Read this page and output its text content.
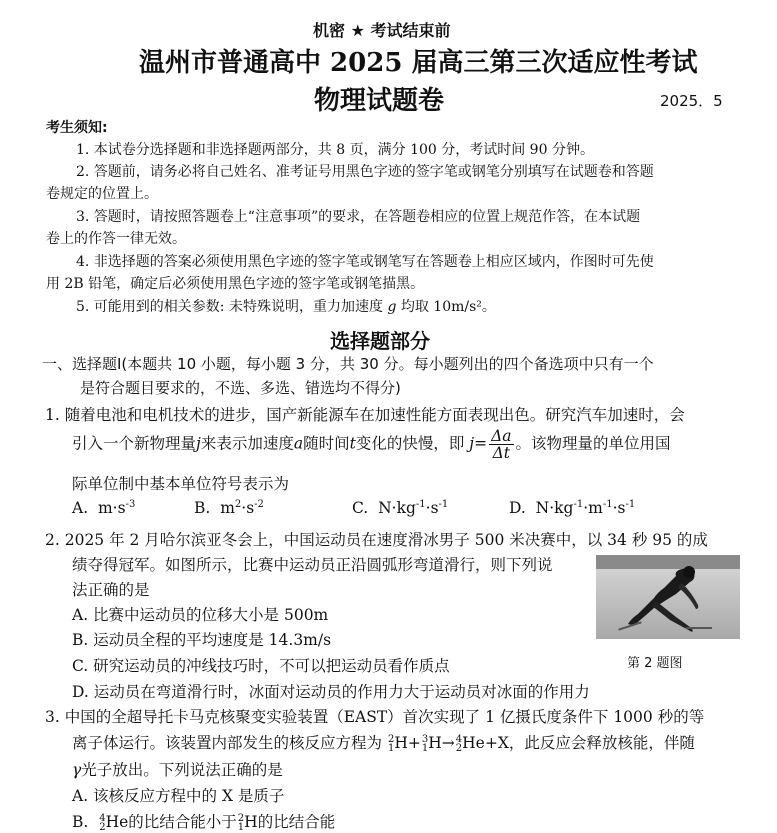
机密 ★ 考试结束前
温州市普通高中 2025 届高三第三次适应性考试
物理试题卷	2025．5
考生须知:
1. 本试卷分选择题和非选择题两部分，共 8 页，满分 100 分，考试时间 90 分钟。
2. 答题前，请务必将自己姓名、准考证号用黑色字迹的签字笔或钢笔分别填写在试题卷和答题
卷规定的位置上。
3. 答题时，请按照答题卷上“注意事项”的要求，在答题卷相应的位置上规范作答，在本试题
卷上的作答一律无效。
4. 非选择题的答案必须使用黑色字迹的签字笔或钢笔写在答题卷上相应区域内，作图时可先使
用 2B 铅笔，确定后必须使用黑色字迹的签字笔或钢笔描黑。
5. 可能用到的相关参数: 未特殊说明，重力加速度 g 均取 10m/s²。
选择题部分
一、选择题Ⅰ(本题共 10 小题，每小题 3 分，共 30 分。每小题列出的四个备选项中只有一个
是符合题目要求的，不选、多选、错选均不得分)
1. 随着电池和电机技术的进步，国产新能源车在加速性能方面表现出色。研究汽车加速时，会
引入一个新物理量j来表示加速度a随时间t变化的快慢，即 $j= \frac{\Delta a}{\Delta t}$ 。该物理量的单位用国
际单位制中基本单位符号表示为
A. $m\cdot s^{-3}$	B. $m^2\cdot s^{-2}$	C. $N\cdot kg^{-1}\cdot s^{-1}$	D. $N\cdot kg^{-1}\cdot m^{-1}\cdot s^{-1}$
2. 2025 年 2 月哈尔滨亚冬会上，中国运动员在速度滑冰男子 500 米决赛中，以 34 秒 95 的成
绩夺得冠军。如图所示，比赛中运动员正沿圆弧形弯道滑行，则下列说
法正确的是
A. 比赛中运动员的位移大小是 500m
B. 运动员全程的平均速度是 14.3m/s
C. 研究运动员的冲线技巧时，不可以把运动员看作质点
D. 运动员在弯道滑行时，冰面对运动员的作用力大于运动员对冰面的作用力
第 2 题图
3. 中国的全超导托卡马克核聚变实验装置（EAST）首次实现了 1 亿摄氏度条件下 1000 秒的等
离子体运行。该装置内部发生的核反应方程为 2
1 H+ 3
1 H→ 4
2 He+X，此反应会释放核能，伴随
γ光子放出。下列说法正确的是
A. 该核反应方程中的 X 是质子
B. 4
2 He的比结合能小于 2
1 H的比结合能
